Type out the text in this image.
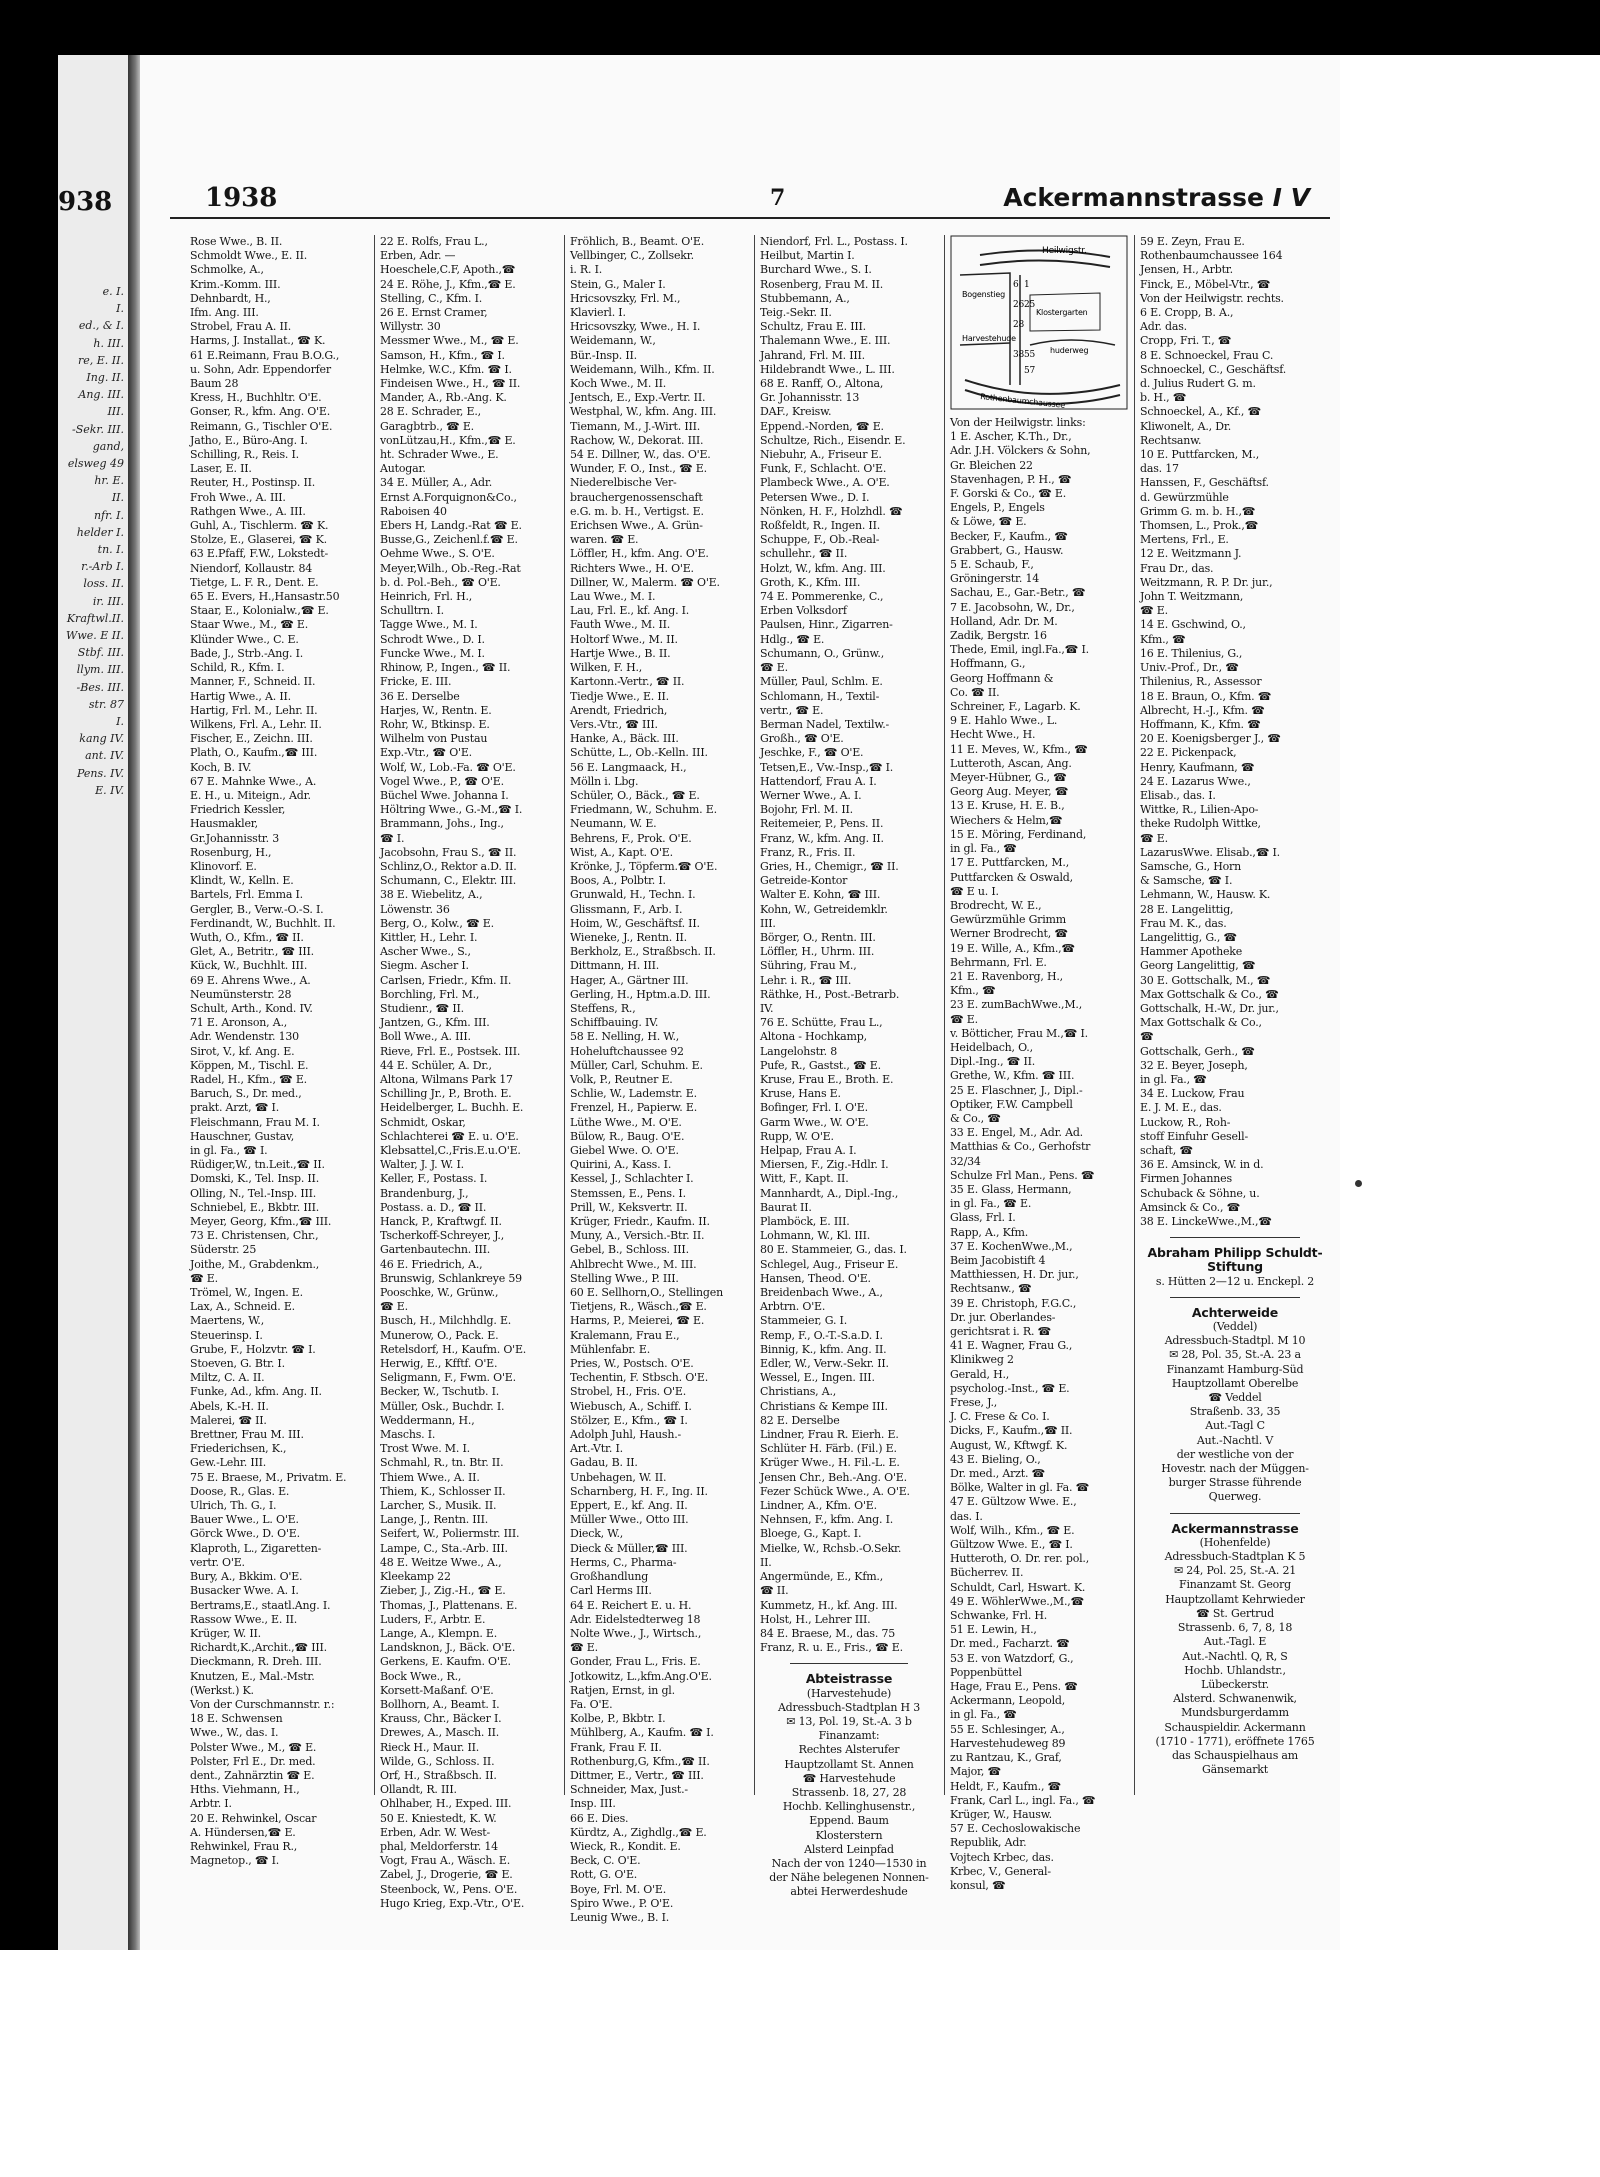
938
e. I.
I.
ed., & I.
h. III.
re, E. II.
Ing. II.
Ang. III.
III.
-Sekr. III.
gand,
elsweg 49
hr. E.
II.
nfr. I.
helder I.
tn. I.
r.-Arb I.
loss. II.
ir. III.
Kraftwl.II.
Wwe. E II.
Stbf. III.
llym. III.
-Bes. III.
str. 87
I.
kang IV.
ant. IV.
Pens. IV.
E. IV.
1938	7	Ackermannstrasse I V
Rose Wwe., B. II.
Schmoldt Wwe., E. II.
Schmolke, A.,
Krim.-Komm. III.
Dehnbardt, H.,
Ifm. Ang. III.
Strobel, Frau A. II.
Harms, J. Installat., ☎ K.
61 E.Reimann, Frau B.O.G.,
u. Sohn, Adr. Eppendorfer
Baum 28
Kress, H., Buchhltr. O'E.
Gonser, R., kfm. Ang. O'E.
Reimann, G., Tischler O'E.
Jatho, E., Büro-Ang. I.
Schilling, R., Reis. I.
Laser, E. II.
Reuter, H., Postinsp. II.
Froh Wwe., A. III.
Rathgen Wwe., A. III.
Guhl, A., Tischlerm. ☎ K.
Stolze, E., Glaserei, ☎ K.
63 E.Pfaff, F.W., Lokstedt-
Niendorf, Kollaustr. 84
Tietge, L. F. R., Dent. E.
65 E. Evers, H.,Hansastr.50
Staar, E., Kolonialw.,☎ E.
Staar Wwe., M., ☎ E.
Klünder Wwe., C. E.
Bade, J., Strb.-Ang. I.
Schild, R., Kfm. I.
Manner, F., Schneid. II.
Hartig Wwe., A. II.
Hartig, Frl. M., Lehr. II.
Wilkens, Frl. A., Lehr. II.
Fischer, E., Zeichn. III.
Plath, O., Kaufm.,☎ III.
Koch, B. IV.
67 E. Mahnke Wwe., A.
E. H., u. Miteign., Adr.
Friedrich Kessler,
Hausmakler,
Gr.Johannisstr. 3
Rosenburg, H.,
Klinovorf. E.
Klindt, W., Kelln. E.
Bartels, Frl. Emma I.
Gergler, B., Verw.-O.-S. I.
Ferdinandt, W., Buchhlt. II.
Wuth, O., Kfm., ☎ II.
Glet, A., Betritr., ☎ III.
Kück, W., Buchhlt. III.
69 E. Ahrens Wwe., A.
Neumünsterstr. 28
Schult, Arth., Kond. IV.
71 E. Aronson, A.,
Adr. Wendenstr. 130
Sirot, V., kf. Ang. E.
Köppen, M., Tischl. E.
Radel, H., Kfm., ☎ E.
Baruch, S., Dr. med.,
prakt. Arzt, ☎ I.
Fleischmann, Frau M. I.
Hauschner, Gustav,
in gl. Fa., ☎ I.
Rüdiger,W., tn.Leit.,☎ II.
Domski, K., Tel. Insp. II.
Olling, N., Tel.-Insp. III.
Schniebel, E., Bkbtr. III.
Meyer, Georg, Kfm.,☎ III.
73 E. Christensen, Chr.,
Süderstr. 25
Joithe, M., Grabdenkm.,
☎ E.
Trömel, W., Ingen. E.
Lax, A., Schneid. E.
Maertens, W.,
Steuerinsp. I.
Grube, F., Holzvtr. ☎ I.
Stoeven, G. Btr. I.
Miltz, C. A. II.
Funke, Ad., kfm. Ang. II.
Abels, K.-H. II.
Malerei, ☎ II.
Brettner, Frau M. III.
Friederichsen, K.,
Gew.-Lehr. III.
75 E. Braese, M., Privatm. E.
Doose, R., Glas. E.
Ulrich, Th. G., I.
Bauer Wwe., L. O'E.
Görck Wwe., D. O'E.
Klaproth, L., Zigaretten-
vertr. O'E.
Bury, A., Bkkim. O'E.
Busacker Wwe. A. I.
Bertrams,E., staatl.Ang. I.
Rassow Wwe., E. II.
Krüger, W. II.
Richardt,K.,Archit.,☎ III.
Dieckmann, R. Dreh. III.
Knutzen, E., Mal.-Mstr.
(Werkst.) K.
Von der Curschmannstr. r.:
18 E. Schwensen
Wwe., W., das. I.
Polster Wwe., M., ☎ E.
Polster, Frl E., Dr. med.
dent., Zahnärztin ☎ E.
Hths. Viehmann, H.,
Arbtr. I.
20 E. Rehwinkel, Oscar
A. Hündersen,☎ E.
Rehwinkel, Frau R.,
Magnetop., ☎ I.
22 E. Rolfs, Frau L.,
Erben, Adr. —
Hoeschele,C.F, Apoth.,☎
24 E. Röhe, J., Kfm.,☎ E.
Stelling, C., Kfm. I.
26 E. Ernst Cramer,
Willystr. 30
Messmer Wwe., M., ☎ E.
Samson, H., Kfm., ☎ I.
Helmke, W.C., Kfm. ☎ I.
Findeisen Wwe., H., ☎ II.
Mander, A., Rb.-Ang. K.
28 E. Schrader, E.,
Garagbtrb., ☎ E.
vonLützau,H., Kfm.,☎ E.
ht. Schrader Wwe., E.
Autogar.
34 E. Müller, A., Adr.
Ernst A.Forquignon&Co.,
Raboisen 40
Ebers H, Landg.-Rat ☎ E.
Busse,G., Zeichenl.f.☎ E.
Oehme Wwe., S. O'E.
Meyer,Wilh., Ob.-Reg.-Rat
b. d. Pol.-Beh., ☎ O'E.
Heinrich, Frl. H.,
Schulltrn. I.
Tagge Wwe., M. I.
Schrodt Wwe., D. I.
Funcke Wwe., M. I.
Rhinow, P., Ingen., ☎ II.
Fricke, E. III.
36 E. Derselbe
Harjes, W., Rentn. E.
Rohr, W., Btkinsp. E.
Wilhelm von Pustau
Exp.-Vtr., ☎ O'E.
Wolf, W., Lob.-Fa. ☎ O'E.
Vogel Wwe., P., ☎ O'E.
Büchel Wwe. Johanna I.
Höltring Wwe., G.-M.,☎ I.
Brammann, Johs., Ing.,
☎ I.
Jacobsohn, Frau S., ☎ II.
Schlinz,O., Rektor a.D. II.
Schumann, C., Elektr. III.
38 E. Wiebelitz, A.,
Löwenstr. 36
Berg, O., Kolw., ☎ E.
Kittler, H., Lehr. I.
Ascher Wwe., S.,
Siegm. Ascher I.
Carlsen, Friedr., Kfm. II.
Borchling, Frl. M.,
Studienr., ☎ II.
Jantzen, G., Kfm. III.
Boll Wwe., A. III.
Rieve, Frl. E., Postsek. III.
44 E. Schüler, A. Dr.,
Altona, Wilmans Park 17
Schilling Jr., P., Broth. E.
Heidelberger, L. Buchh. E.
Schmidt, Oskar,
Schlachterei ☎ E. u. O'E.
Klebsattel,C.,Fris.E.u.O'E.
Walter, J. J. W. I.
Keller, F., Postass. I.
Brandenburg, J.,
Postass. a. D., ☎ II.
Hanck, P., Kraftwgf. II.
Tscherkoff-Schreyer, J.,
Gartenbautechn. III.
46 E. Friedrich, A.,
Brunswig, Schlankreye 59
Pooschke, W., Grünw.,
☎ E.
Busch, H., Milchhdlg. E.
Munerow, O., Pack. E.
Retelsdorf, H., Kaufm. O'E.
Herwig, E., Kfftf. O'E.
Seligmann, F., Fwm. O'E.
Becker, W., Tschutb. I.
Müller, Osk., Buchdr. I.
Weddermann, H.,
Maschs. I.
Trost Wwe. M. I.
Schmahl, R., tn. Btr. II.
Thiem Wwe., A. II.
Thiem, K., Schlosser II.
Larcher, S., Musik. II.
Lange, J., Rentn. III.
Seifert, W., Poliermstr. III.
Lampe, C., Sta.-Arb. III.
48 E. Weitze Wwe., A.,
Kleekamp 22
Zieber, J., Zig.-H., ☎ E.
Thomas, J., Plattenans. E.
Luders, F., Arbtr. E.
Lange, A., Klempn. E.
Landsknon, J., Bäck. O'E.
Gerkens, E. Kaufm. O'E.
Bock Wwe., R.,
Korsett-Maßanf. O'E.
Bollhorn, A., Beamt. I.
Krauss, Chr., Bäcker I.
Drewes, A., Masch. II.
Rieck H., Maur. II.
Wilde, G., Schloss. II.
Orf, H., Straßbsch. II.
Ollandt, R. III.
Ohlhaber, H., Exped. III.
50 E. Kniestedt, K. W.
Erben, Adr. W. West-
phal, Meldorferstr. 14
Vogt, Frau A., Wäsch. E.
Zabel, J., Drogerie, ☎ E.
Steenbock, W., Pens. O'E.
Hugo Krieg, Exp.-Vtr., O'E.
Fröhlich, B., Beamt. O'E.
Vellbinger, C., Zollsekr.
i. R. I.
Stein, G., Maler I.
Hricsovszky, Frl. M.,
Klavierl. I.
Hricsovszky, Wwe., H. I.
Weidemann, W.,
Bür.-Insp. II.
Weidemann, Wilh., Kfm. II.
Koch Wwe., M. II.
Jentsch, E., Exp.-Vertr. II.
Westphal, W., kfm. Ang. III.
Tiemann, M., J.-Wirt. III.
Rachow, W., Dekorat. III.
54 E. Dillner, W., das. O'E.
Wunder, F. O., Inst., ☎ E.
Niederelbische Ver-
brauchergenossenschaft
e.G. m. b. H., Vertigst. E.
Erichsen Wwe., A. Grün-
waren. ☎ E.
Löffler, H., kfm. Ang. O'E.
Richters Wwe., H. O'E.
Dillner, W., Malerm. ☎ O'E.
Lau Wwe., M. I.
Lau, Frl. E., kf. Ang. I.
Fauth Wwe., M. II.
Holtorf Wwe., M. II.
Hartje Wwe., B. II.
Wilken, F. H.,
Kartonn.-Vertr., ☎ II.
Tiedje Wwe., E. II.
Arendt, Friedrich,
Vers.-Vtr., ☎ III.
Hanke, A., Bäck. III.
Schütte, L., Ob.-Kelln. III.
56 E. Langmaack, H.,
Mölln i. Lbg.
Schüler, O., Bäck., ☎ E.
Friedmann, W., Schuhm. E.
Neumann, W. E.
Behrens, F., Prok. O'E.
Wist, A., Kapt. O'E.
Krönke, J., Töpferm.☎ O'E.
Boos, A., Polbtr. I.
Grunwald, H., Techn. I.
Glissmann, F., Arb. I.
Hoim, W., Geschäftsf. II.
Wieneke, J., Rentn. II.
Berkholz, E., Straßbsch. II.
Dittmann, H. III.
Hager, A., Gärtner III.
Gerling, H., Hptm.a.D. III.
Steffens, R.,
Schiffbauing. IV.
58 E. Nelling, H. W.,
Hoheluftchaussee 92
Müller, Carl, Schuhm. E.
Volk, P., Reutner E.
Schlie, W., Lademstr. E.
Frenzel, H., Papierw. E.
Lüthe Wwe., M. O'E.
Bülow, R., Baug. O'E.
Giebel Wwe. O. O'E.
Quirini, A., Kass. I.
Kessel, J., Schlachter I.
Stemssen, E., Pens. I.
Prill, W., Keksvertr. II.
Krüger, Friedr., Kaufm. II.
Muny, A., Versich.-Btr. II.
Gebel, B., Schloss. III.
Ahlbrecht Wwe., M. III.
Stelling Wwe., P. III.
60 E. Sellhorn,O., Stellingen
Tietjens, R., Wäsch.,☎ E.
Harms, P., Meierei, ☎ E.
Kralemann, Frau E.,
Mühlenfabr. E.
Pries, W., Postsch. O'E.
Techentin, F. Stbsch. O'E.
Strobel, H., Fris. O'E.
Wiebusch, A., Schiff. I.
Stölzer, E., Kfm., ☎ I.
Adolph Juhl, Haush.-
Art.-Vtr. I.
Gadau, B. II.
Unbehagen, W. II.
Scharnberg, H. F., Ing. II.
Eppert, E., kf. Ang. II.
Müller Wwe., Otto III.
Dieck, W.,
Dieck & Müller,☎ III.
Herms, C., Pharma-
Großhandlung
Carl Herms III.
64 E. Reichert E. u. H.
Adr. Eidelstedterweg 18
Nolte Wwe., J., Wirtsch.,
☎ E.
Gonder, Frau L., Fris. E.
Jotkowitz, L.,kfm.Ang.O'E.
Ratjen, Ernst, in gl.
Fa. O'E.
Kolbe, P., Bkbtr. I.
Mühlberg, A., Kaufm. ☎ I.
Frank, Frau F. II.
Rothenburg,G, Kfm.,☎ II.
Dittmer, E., Vertr., ☎ III.
Schneider, Max, Just.-
Insp. III.
66 E. Dies.
Kürdtz, A., Zighdlg.,☎ E.
Wieck, R., Kondit. E.
Beck, C. O'E.
Rott, G. O'E.
Boye, Frl. M. O'E.
Spiro Wwe., P. O'E.
Leunig Wwe., B. I.
Niendorf, Frl. L., Postass. I.
Heilbut, Martin I.
Burchard Wwe., S. I.
Rosenberg, Frau M. II.
Stubbemann, A.,
Teig.-Sekr. II.
Schultz, Frau E. III.
Thalemann Wwe., E. III.
Jahrand, Frl. M. III.
Hildebrandt Wwe., L. III.
68 E. Ranff, O., Altona,
Gr. Johannisstr. 13
DAF., Kreisw.
Eppend.-Norden, ☎ E.
Schultze, Rich., Eisendr. E.
Niebuhr, A., Friseur E.
Funk, F., Schlacht. O'E.
Plambeck Wwe., A. O'E.
Petersen Wwe., D. I.
Nönken, H. F., Holzhdl. ☎
Roßfeldt, R., Ingen. II.
Schuppe, F., Ob.-Real-
schullehr., ☎ II.
Holzt, W., kfm. Ang. III.
Groth, K., Kfm. III.
74 E. Pommerenke, C.,
Erben Volksdorf
Paulsen, Hinr., Zigarren-
Hdlg., ☎ E.
Schumann, O., Grünw.,
☎ E.
Müller, Paul, Schlm. E.
Schlomann, H., Textil-
vertr., ☎ E.
Berman Nadel, Textilw.-
Großh., ☎ O'E.
Jeschke, F., ☎ O'E.
Tetsen,E., Vw.-Insp.,☎ I.
Hattendorf, Frau A. I.
Werner Wwe., A. I.
Bojohr, Frl. M. II.
Reitemeier, P., Pens. II.
Franz, W., kfm. Ang. II.
Franz, R., Fris. II.
Gries, H., Chemigr., ☎ II.
Getreide-Kontor
Walter E. Kohn, ☎ III.
Kohn, W., Getreidemklr.
III.
Börger, O., Rentn. III.
Löffler, H., Uhrm. III.
Sühring, Frau M.,
Lehr. i. R., ☎ III.
Räthke, H., Post.-Betrarb.
IV.
76 E. Schütte, Frau L.,
Altona - Hochkamp,
Langelohstr. 8
Pufe, R., Gastst., ☎ E.
Kruse, Frau E., Broth. E.
Kruse, Hans E.
Bofinger, Frl. I. O'E.
Garm Wwe., W. O'E.
Rupp, W. O'E.
Helpap, Frau A. I.
Miersen, F., Zig.-Hdlr. I.
Witt, F., Kapt. II.
Mannhardt, A., Dipl.-Ing.,
Baurat II.
Plamböck, E. III.
Lohmann, W., Kl. III.
80 E. Stammeier, G., das. I.
Schlegel, Aug., Friseur E.
Hansen, Theod. O'E.
Breidenbach Wwe., A.,
Arbtrn. O'E.
Stammeier, G. I.
Remp, F., O.-T.-S.a.D. I.
Binnig, K., kfm. Ang. II.
Edler, W., Verw.-Sekr. II.
Wessel, E., Ingen. III.
Christians, A.,
Christians & Kempe III.
82 E. Derselbe
Lindner, Frau R. Eierh. E.
Schlüter H. Färb. (Fil.) E.
Krüger Wwe., H. Fil.-L. E.
Jensen Chr., Beh.-Ang. O'E.
Fezer Schück Wwe., A. O'E.
Lindner, A., Kfm. O'E.
Nehnsen, F., kfm. Ang. I.
Bloege, G., Kapt. I.
Mielke, W., Rchsb.-O.Sekr.
II.
Angermünde, E., Kfm.,
☎ II.
Kummetz, H., kf. Ang. III.
Holst, H., Lehrer III.
84 E. Braese, M., das. 75
Franz, R. u. E., Fris., ☎ E.
Abteistrasse
(Harvestehude)
Adressbuch-Stadtplan H 3
✉ 13, Pol. 19, St.-A. 3 b
Finanzamt:
Rechtes Alsterufer
Hauptzollamt St. Annen
☎ Harvestehude
Strassenb. 18, 27, 28
Hochb. Kellinghusenstr.,
Eppend. Baum
Klosterstern
Alsterd Leinpfad
Nach der von 1240—1530 in
der Nähe belegenen Nonnen-
abtei Herwerdeshude
Heilwigstr.
Bogenstieg
Harvestehude
Rothenbaumchaussee
Klostergarten
huderweg
6 1
26 25
28
38 55
57
Von der Heilwigstr. links:
1 E. Ascher, K.Th., Dr.,
Adr. J.H. Völckers & Sohn,
Gr. Bleichen 22
Stavenhagen, P. H., ☎
F. Gorski & Co., ☎ E.
Engels, P., Engels
& Löwe, ☎ E.
Becker, F., Kaufm., ☎
Grabbert, G., Hausw.
5 E. Schaub, F.,
Gröningerstr. 14
Sachau, E., Gar.-Betr., ☎
7 E. Jacobsohn, W., Dr.,
Holland, Adr. Dr. M.
Zadik, Bergstr. 16
Thede, Emil, ingl.Fa.,☎ I.
Hoffmann, G.,
Georg Hoffmann &
Co. ☎ II.
Schreiner, F., Lagarb. K.
9 E. Hahlo Wwe., L.
Hecht Wwe., H.
11 E. Meves, W., Kfm., ☎
Lutteroth, Ascan, Ang.
Meyer-Hübner, G., ☎
Georg Aug. Meyer, ☎
13 E. Kruse, H. E. B.,
Wiechers & Helm,☎
15 E. Möring, Ferdinand,
in gl. Fa., ☎
17 E. Puttfarcken, M.,
Puttfarcken & Oswald,
☎ E u. I.
Brodrecht, W. E.,
Gewürzmühle Grimm
Werner Brodrecht, ☎
19 E. Wille, A., Kfm.,☎
Behrmann, Frl. E.
21 E. Ravenborg, H.,
Kfm., ☎
23 E. zumBachWwe.,M.,
☎ E.
v. Bötticher, Frau M.,☎ I.
Heidelbach, O.,
Dipl.-Ing., ☎ II.
Grethe, W., Kfm. ☎ III.
25 E. Flaschner, J., Dipl.-
Optiker, F.W. Campbell
& Co., ☎
33 E. Engel, M., Adr. Ad.
Matthias & Co., Gerhofstr
32/34
Schulze Frl Man., Pens. ☎
35 E. Glass, Hermann,
in gl. Fa., ☎ E.
Glass, Frl. I.
Rapp, A., Kfm.
37 E. KochenWwe.,M.,
Beim Jacobistift 4
Matthiessen, H. Dr. jur.,
Rechtsanw., ☎
39 E. Christoph, F.G.C.,
Dr. jur. Oberlandes-
gerichtsrat i. R. ☎
41 E. Wagner, Frau G.,
Klinikweg 2
Gerald, H.,
psycholog.-Inst., ☎ E.
Frese, J.,
J. C. Frese & Co. I.
Dicks, F., Kaufm.,☎ II.
August, W., Kftwgf. K.
43 E. Bieling, O.,
Dr. med., Arzt. ☎
Bölke, Walter in gl. Fa. ☎
47 E. Gültzow Wwe. E.,
das. I.
Wolf, Wilh., Kfm., ☎ E.
Gültzow Wwe. E., ☎ I.
Hutteroth, O. Dr. rer. pol.,
Bücherrev. II.
Schuldt, Carl, Hswart. K.
49 E. WöhlerWwe.,M.,☎
Schwanke, Frl. H.
51 E. Lewin, H.,
Dr. med., Facharzt. ☎
53 E. von Watzdorf, G.,
Poppenbüttel
Hage, Frau E., Pens. ☎
Ackermann, Leopold,
in gl. Fa., ☎
55 E. Schlesinger, A.,
Harvestehudeweg 89
zu Rantzau, K., Graf,
Major, ☎
Heldt, F., Kaufm., ☎
Frank, Carl L., ingl. Fa., ☎
Krüger, W., Hausw.
57 E. Cechoslowakische
Republik, Adr.
Vojtech Krbec, das.
Krbec, V., General-
konsul, ☎
59 E. Zeyn, Frau E.
Rothenbaumchaussee 164
Jensen, H., Arbtr.
Finck, E., Möbel-Vtr., ☎
Von der Heilwigstr. rechts.
6 E. Cropp, B. A.,
Adr. das.
Cropp, Fri. T., ☎
8 E. Schnoeckel, Frau C.
Schnoeckel, C., Geschäftsf.
d. Julius Rudert G. m.
b. H., ☎
Schnoeckel, A., Kf., ☎
Kliwonelt, A., Dr.
Rechtsanw.
10 E. Puttfarcken, M.,
das. 17
Hanssen, F., Geschäftsf.
d. Gewürzmühle
Grimm G. m. b. H.,☎
Thomsen, L., Prok.,☎
Mertens, Frl., E.
12 E. Weitzmann J.
Frau Dr., das.
Weitzmann, R. P. Dr. jur.,
John T. Weitzmann,
☎ E.
14 E. Gschwind, O.,
Kfm., ☎
16 E. Thilenius, G.,
Univ.-Prof., Dr., ☎
Thilenius, R., Assessor
18 E. Braun, O., Kfm. ☎
Albrecht, H.-J., Kfm. ☎
Hoffmann, K., Kfm. ☎
20 E. Koenigsberger J., ☎
22 E. Pickenpack,
Henry, Kaufmann, ☎
24 E. Lazarus Wwe.,
Elisab., das. I.
Wittke, R., Lilien-Apo-
theke Rudolph Wittke,
☎ E.
LazarusWwe. Elisab.,☎ I.
Samsche, G., Horn
& Samsche, ☎ I.
Lehmann, W., Hausw. K.
28 E. Langelittig,
Frau M. K., das.
Langelittig, G., ☎
Hammer Apotheke
Georg Langelittig, ☎
30 E. Gottschalk, M., ☎
Max Gottschalk & Co., ☎
Gottschalk, H.-W., Dr. jur.,
Max Gottschalk & Co.,
☎
Gottschalk, Gerh., ☎
32 E. Beyer, Joseph,
in gl. Fa., ☎
34 E. Luckow, Frau
E. J. M. E., das.
Luckow, R., Roh-
stoff Einfuhr Gesell-
schaft, ☎
36 E. Amsinck, W. in d.
Firmen Johannes
Schuback & Söhne, u.
Amsinck & Co., ☎
38 E. LinckeWwe.,M.,☎
Abraham Philipp Schuldt-Stiftung
s. Hütten 2—12 u. Enckepl. 2
Achterweide
(Veddel)
Adressbuch-Stadtpl. M 10
✉ 28, Pol. 35, St.-A. 23 a
Finanzamt Hamburg-Süd
Hauptzollamt Oberelbe
☎ Veddel
Straßenb. 33, 35
Aut.-Tagl C
Aut.-Nachtl. V
der westliche von der
Hovestr. nach der Müggen-
burger Strasse führende
Querweg.
Ackermannstrasse
(Hohenfelde)
Adressbuch-Stadtplan K 5
✉ 24, Pol. 25, St.-A. 21
Finanzamt St. Georg
Hauptzollamt Kehrwieder
☎ St. Gertrud
Strassenb. 6, 7, 8, 18
Aut.-Tagl. E
Aut.-Nachtl. Q, R, S
Hochb. Uhlandstr.,
Lübeckerstr.
Alsterd. Schwanenwik,
Mundsburgerdamm
Schauspieldir. Ackermann
(1710 - 1771), eröffnete 1765
das Schauspielhaus am
Gänsemarkt
